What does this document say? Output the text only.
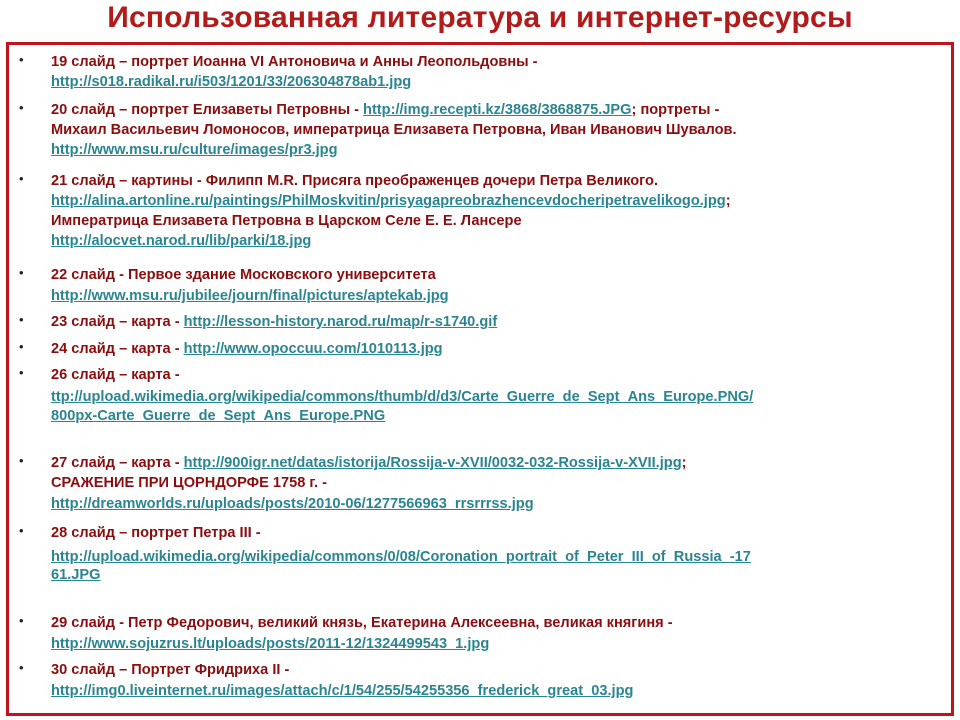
Использованная литература и интернет-ресурсы
• 19 слайд – портрет Иоанна VI Антоновича и Анны Леопольдовны -
http://s018.radikal.ru/i503/1201/33/206304878ab1.jpg
• 20 слайд – портрет Елизаветы Петровны - http://img.recepti.kz/3868/3868875.JPG; портреты -
Михаил Васильевич Ломоносов, императрица Елизавета Петровна, Иван Иванович Шувалов.
http://www.msu.ru/culture/images/pr3.jpg
• 21 слайд – картины - Филипп М.R. Присяга преображенцев дочери Петра Великого.
http://alina.artonline.ru/paintings/PhilMoskvitin/prisyagapreobrazhencevdocheripetravelikogo.jpg;
Императрица Елизавета Петровна в Царском Селе Е. Е. Лансере
http://alocvet.narod.ru/lib/parki/18.jpg
• 22 слайд - Первое здание Московского университета
http://www.msu.ru/jubilee/journ/final/pictures/aptekab.jpg
• 23 слайд – карта - http://lesson-history.narod.ru/map/r-s1740.gif
• 24 слайд – карта - http://www.opoccuu.com/1010113.jpg
• 26 слайд – карта -
ttp://upload.wikimedia.org/wikipedia/commons/thumb/d/d3/Carte_Guerre_de_Sept_Ans_Europe.PNG/
800px-Carte_Guerre_de_Sept_Ans_Europe.PNG
• 27 слайд – карта - http://900igr.net/datas/istorija/Rossija-v-XVII/0032-032-Rossija-v-XVII.jpg;
СРАЖЕНИЕ ПРИ ЦОРНДОРФЕ 1758 г. -
http://dreamworlds.ru/uploads/posts/2010-06/1277566963_rrsrrrss.jpg
• 28 слайд – портрет Петра III -
http://upload.wikimedia.org/wikipedia/commons/0/08/Coronation_portrait_of_Peter_III_of_Russia_-17
61.JPG
• 29 слайд - Петр Федорович, великий князь, Екатерина Алексеевна, великая княгиня -
http://www.sojuzrus.lt/uploads/posts/2011-12/1324499543_1.jpg
• 30 слайд – Портрет Фридриха II -
http://img0.liveinternet.ru/images/attach/c/1/54/255/54255356_frederick_great_03.jpg
